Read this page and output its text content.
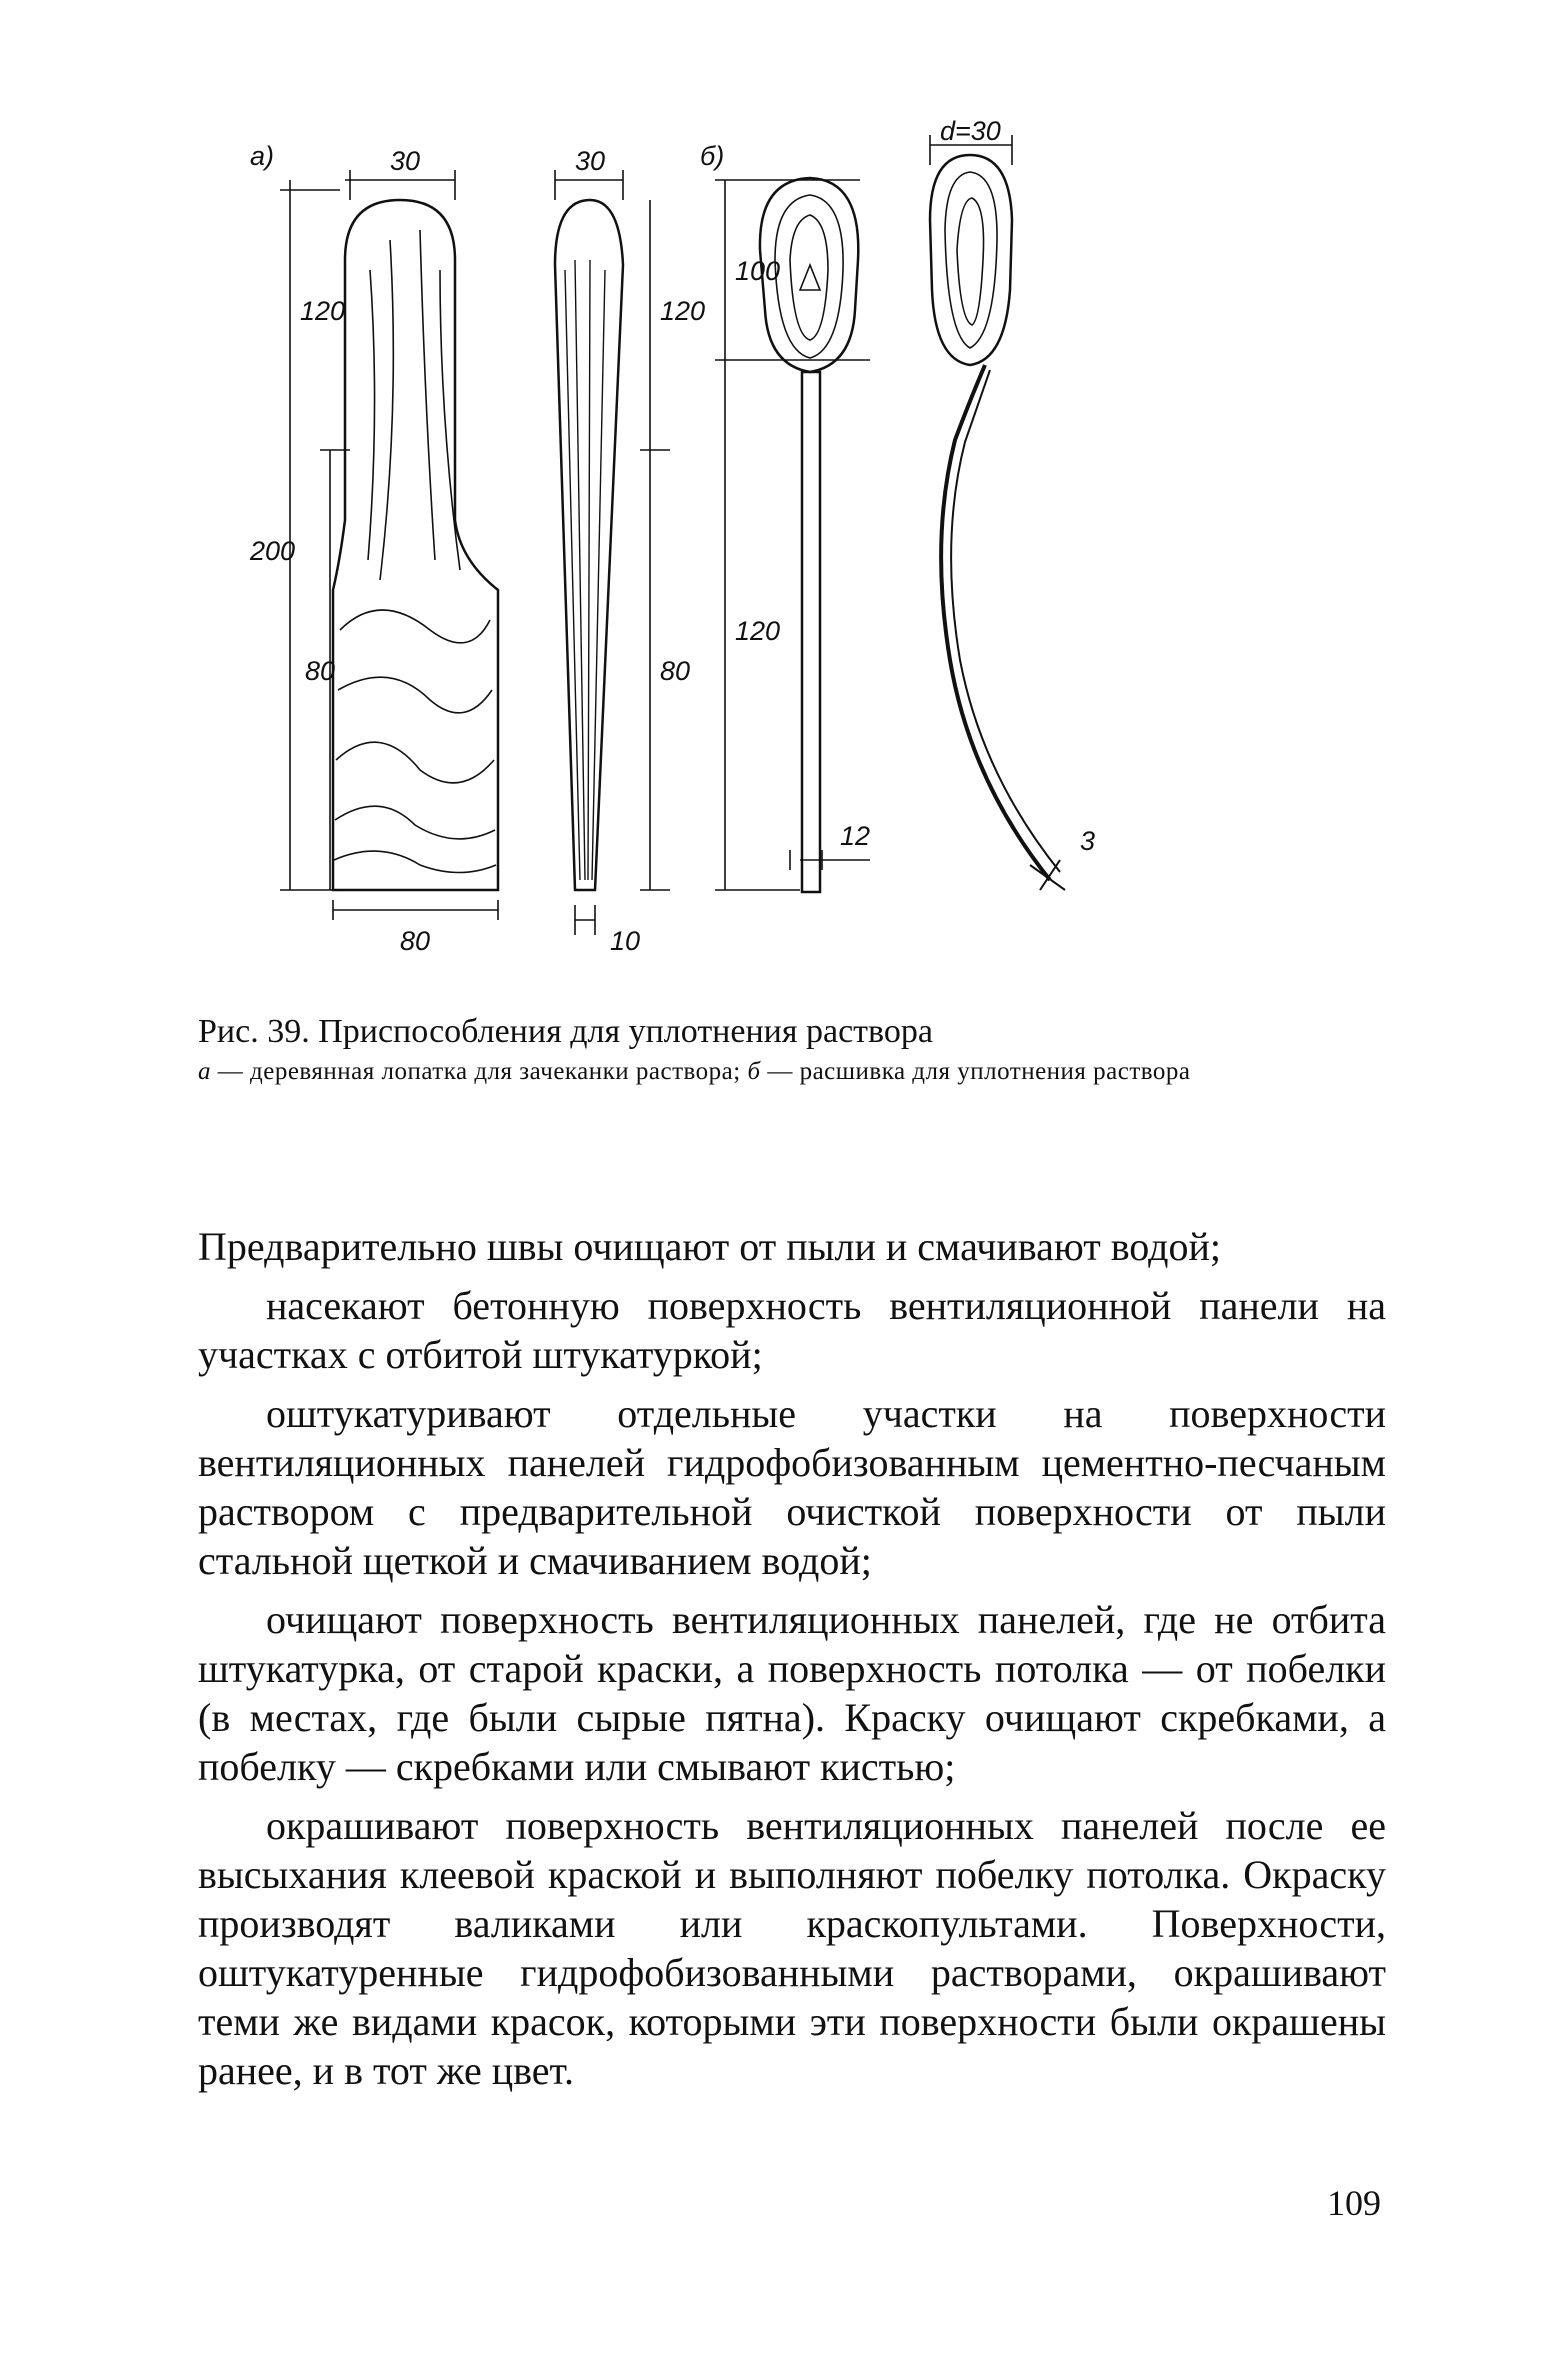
а)	б)
30	30
d=30
120
200
80
80
120
80
10
100
120
12	3
Рис. 39. Приспособления для уплотнения раствора
а — деревянная лопатка для зачеканки раствора; б — расшивка для уплотнения раствора

Предварительно швы очищают от пыли и смачивают водой;

насекают бетонную поверхность вентиляционной панели на участках с отбитой штукатуркой;

оштукатуривают отдельные участки на поверхности вентиляционных панелей гидрофобизованным цементно-песчаным раствором с предварительной очисткой поверхности от пыли стальной щеткой и смачиванием водой;

очищают поверхность вентиляционных панелей, где не отбита штукатурка, от старой краски, а поверхность потолка — от побелки (в местах, где были сырые пятна). Краску очищают скребками, а побелку — скребками или смывают кистью;

окрашивают поверхность вентиляционных панелей после ее высыхания клеевой краской и выполняют побелку потолка. Окраску производят валиками или краскопультами. Поверхности, оштукатуренные гидрофобизованными растворами, окрашивают теми же видами красок, которыми эти поверхности были окрашены ранее, и в тот же цвет.

109
